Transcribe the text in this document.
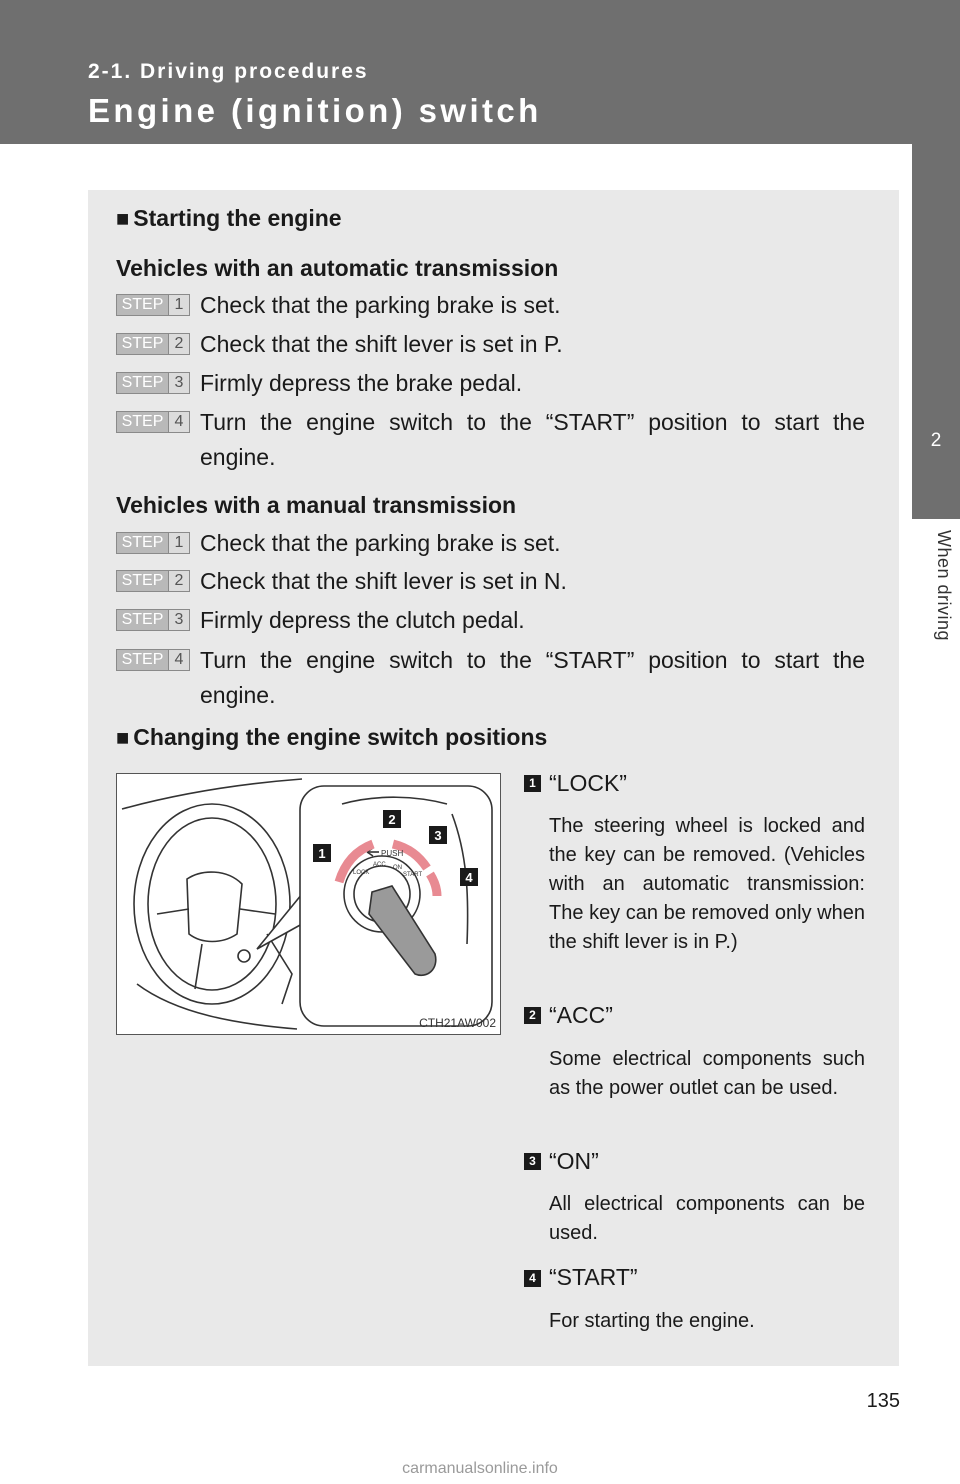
2-1. Driving procedures
Engine (ignition) switch
2
When driving
■ Starting the engine
Vehicles with an automatic transmission
STEP 1 Check that the parking brake is set.
STEP 2 Check that the shift lever is set in P.
STEP 3 Firmly depress the brake pedal.
STEP 4 Turn the engine switch to the “START” position to start the engine.
Vehicles with a manual transmission
STEP 1 Check that the parking brake is set.
STEP 2 Check that the shift lever is set in N.
STEP 3 Firmly depress the clutch pedal.
STEP 4 Turn the engine switch to the “START” position to start the engine.
■ Changing the engine switch positions
PUSH
LOCK
ACC ON
START
1
2
3
4
CTH21AW002
1 “LOCK”
The steering wheel is locked and the key can be removed. (Vehicles with an automatic transmission: The key can be removed only when the shift lever is in P.)
2 “ACC”
Some electrical components such as the power outlet can be used.
3 “ON”
All electrical components can be used.
4 “START”
For starting the engine.
135
carmanualsonline.info
